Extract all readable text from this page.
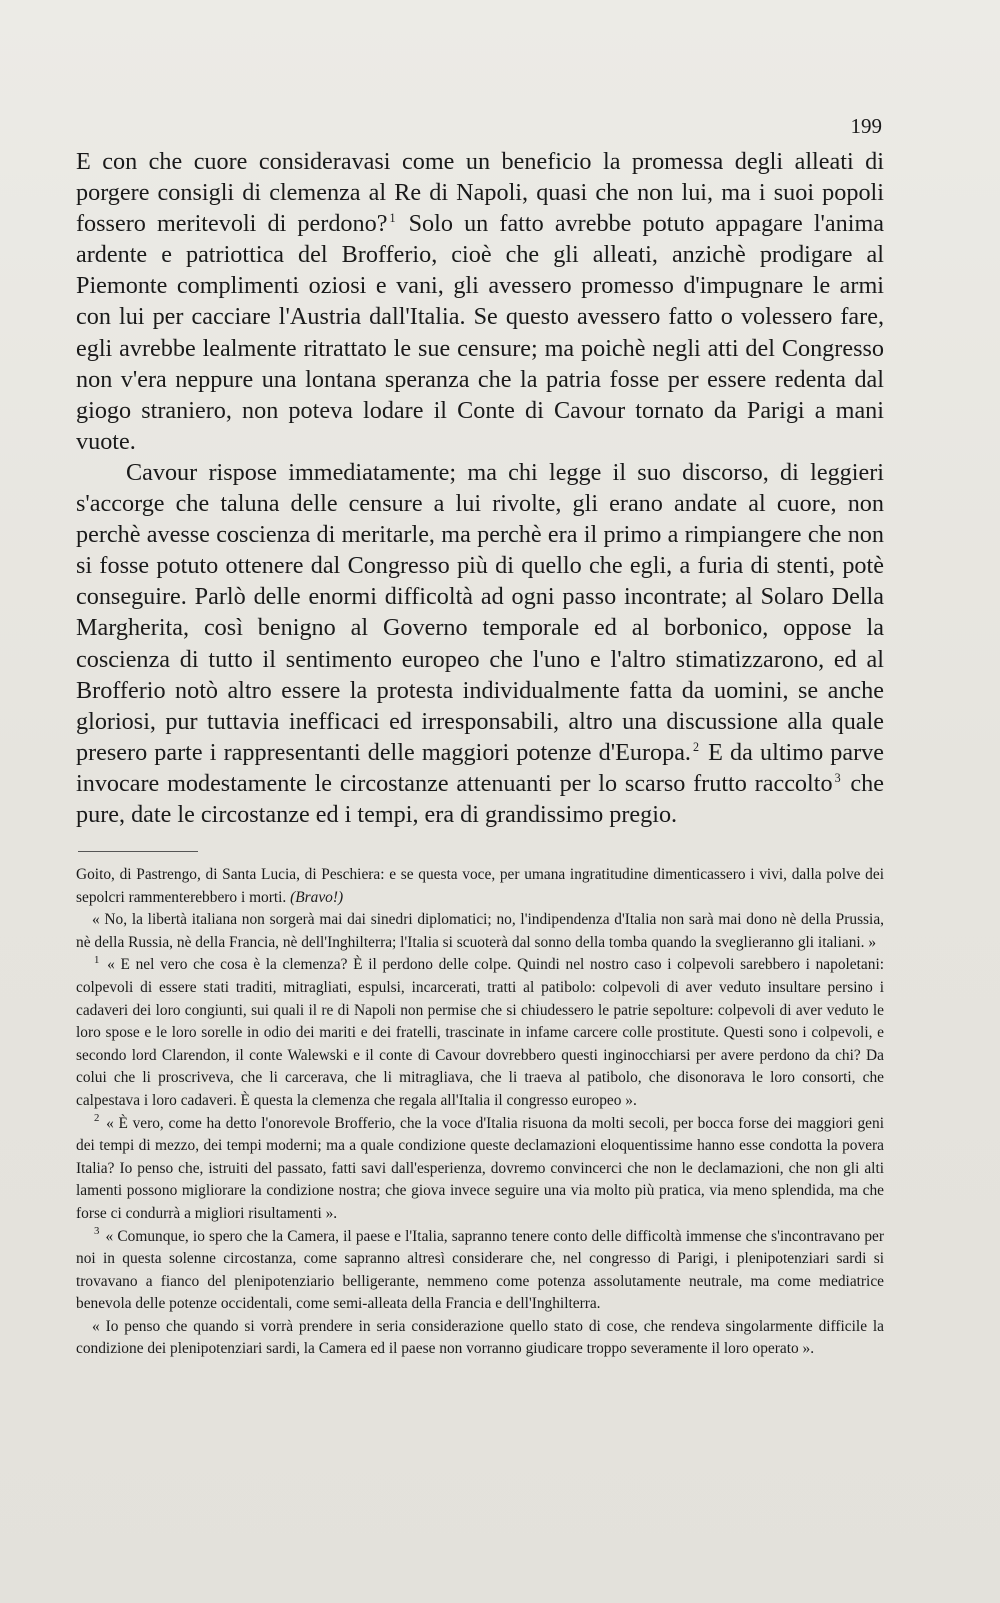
199

E con che cuore consideravasi come un beneficio la promessa degli alleati di porgere consigli di clemenza al Re di Napoli, quasi che non lui, ma i suoi popoli fossero meritevoli di perdono? $^1$ Solo un fatto avrebbe potuto appagare l'anima ardente e patriottica del Brofferio, cioè che gli alleati, anzichè prodigare al Piemonte complimenti oziosi e vani, gli avessero promesso d'impugnare le armi con lui per cacciare l'Austria dall'Italia. Se questo avessero fatto o volessero fare, egli avrebbe lealmente ritrattato le sue censure; ma poichè negli atti del Congresso non v'era neppure una lontana speranza che la patria fosse per essere redenta dal giogo straniero, non poteva lodare il Conte di Cavour tornato da Parigi a mani vuote.

Cavour rispose immediatamente; ma chi legge il suo discorso, di leggieri s'accorge che taluna delle censure a lui rivolte, gli erano andate al cuore, non perchè avesse coscienza di meritarle, ma perchè era il primo a rimpiangere che non si fosse potuto ottenere dal Congresso più di quello che egli, a furia di stenti, potè conseguire. Parlò delle enormi difficoltà ad ogni passo incontrate; al Solaro Della Margherita, così benigno al Governo temporale ed al borbonico, oppose la coscienza di tutto il sentimento europeo che l'uno e l'altro stimatizzarono, ed al Brofferio notò altro essere la protesta individualmente fatta da uomini, se anche gloriosi, pur tuttavia inefficaci ed irresponsabili, altro una discussione alla quale presero parte i rappresentanti delle maggiori potenze d'Europa. $^2$ E da ultimo parve invocare modestamente le circostanze attenuanti per lo scarso frutto raccolto $^3$ che pure, date le circostanze ed i tempi, era di grandissimo pregio.

Goito, di Pastrengo, di Santa Lucia, di Peschiera: e se questa voce, per umana ingratitudine dimenticassero i vivi, dalla polve dei sepolcri rammenterebbero i morti. (Bravo!)

« No, la libertà italiana non sorgerà mai dai sinedri diplomatici; no, l'indipendenza d'Italia non sarà mai dono nè della Prussia, nè della Russia, nè della Francia, nè dell'Inghilterra; l'Italia si scuoterà dal sonno della tomba quando la sveglieranno gli italiani. »

$^1$ « E nel vero che cosa è la clemenza? È il perdono delle colpe. Quindi nel nostro caso i colpevoli sarebbero i napoletani: colpevoli di essere stati traditi, mitragliati, espulsi, incarcerati, tratti al patibolo: colpevoli di aver veduto insultare persino i cadaveri dei loro congiunti, sui quali il re di Napoli non permise che si chiudessero le patrie sepolture: colpevoli di aver veduto le loro spose e le loro sorelle in odio dei mariti e dei fratelli, trascinate in infame carcere colle prostitute. Questi sono i colpevoli, e secondo lord Clarendon, il conte Walewski e il conte di Cavour dovrebbero questi inginocchiarsi per avere perdono da chi? Da colui che li proscriveva, che li carcerava, che li mitragliava, che li traeva al patibolo, che disonorava le loro consorti, che calpestava i loro cadaveri. È questa la clemenza che regala all'Italia il congresso europeo ».

$^2$ « È vero, come ha detto l'onorevole Brofferio, che la voce d'Italia risuona da molti secoli, per bocca forse dei maggiori geni dei tempi di mezzo, dei tempi moderni; ma a quale condizione queste declamazioni eloquentissime hanno esse condotta la povera Italia? Io penso che, istruiti del passato, fatti savi dall'esperienza, dovremo convincerci che non le declamazioni, che non gli alti lamenti possono migliorare la condizione nostra; che giova invece seguire una via molto più pratica, via meno splendida, ma che forse ci condurrà a migliori risultamenti ».

$^3$ « Comunque, io spero che la Camera, il paese e l'Italia, sapranno tenere conto delle difficoltà immense che s'incontravano per noi in questa solenne circostanza, come sapranno altresì considerare che, nel congresso di Parigi, i plenipotenziari sardi si trovavano a fianco del plenipotenziario belligerante, nemmeno come potenza assolutamente neutrale, ma come mediatrice benevola delle potenze occidentali, come semi-alleata della Francia e dell'Inghilterra.

« Io penso che quando si vorrà prendere in seria considerazione quello stato di cose, che rendeva singolarmente difficile la condizione dei plenipotenziari sardi, la Camera ed il paese non vorranno giudicare troppo severamente il loro operato ».
